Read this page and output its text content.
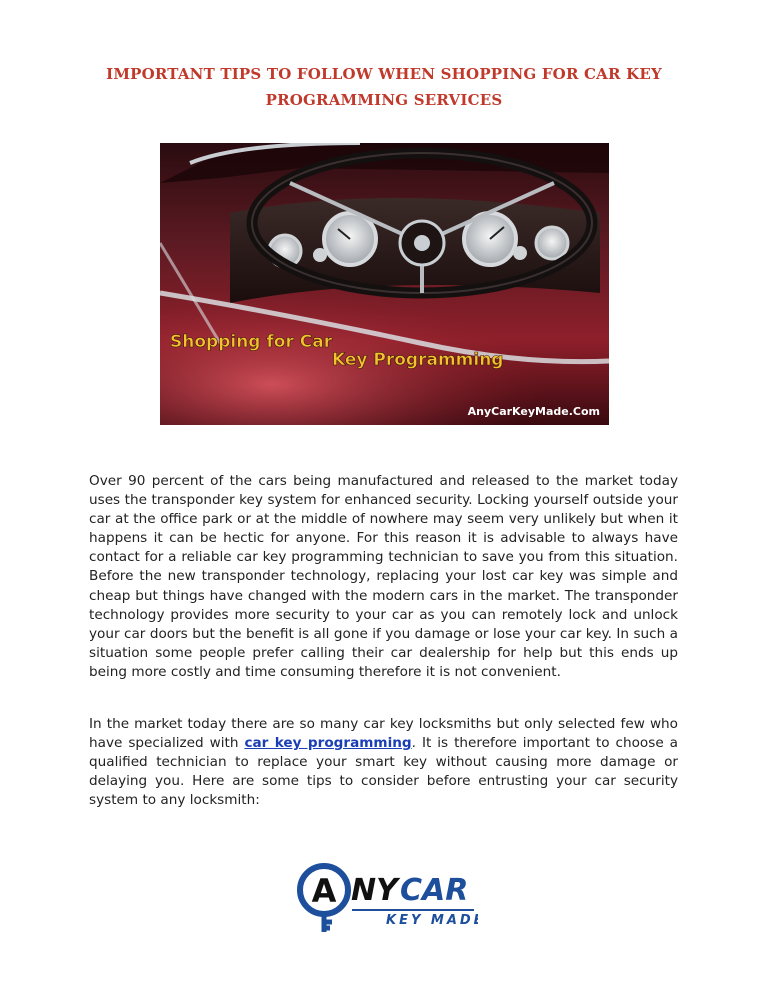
IMPORTANT TIPS TO FOLLOW WHEN SHOPPING FOR CAR KEY
PROGRAMMING SERVICES
Shopping for Car
Key Programming
AnyCarKeyMade.Com

Over 90 percent of the cars being manufactured and released to the market today uses the transponder key system for enhanced security. Locking yourself outside your car at the office park or at the middle of nowhere may seem very unlikely but when it happens it can be hectic for anyone. For this reason it is advisable to always have contact for a reliable car key programming technician to save you from this situation. Before the new transponder technology, replacing your lost car key was simple and cheap but things have changed with the modern cars in the market. The transponder technology provides more security to your car as you can remotely lock and unlock your car doors but the benefit is all gone if you damage or lose your car key. In such a situation some people prefer calling their car dealership for help but this ends up being more costly and time consuming therefore it is not convenient.

In the market today there are so many car key locksmiths but only selected few who have specialized with car key programming. It is therefore important to choose a qualified technician to replace your smart key without causing more damage or delaying you. Here are some tips to consider before entrusting your car security system to any locksmith:

A NY CAR
KEY MADE
